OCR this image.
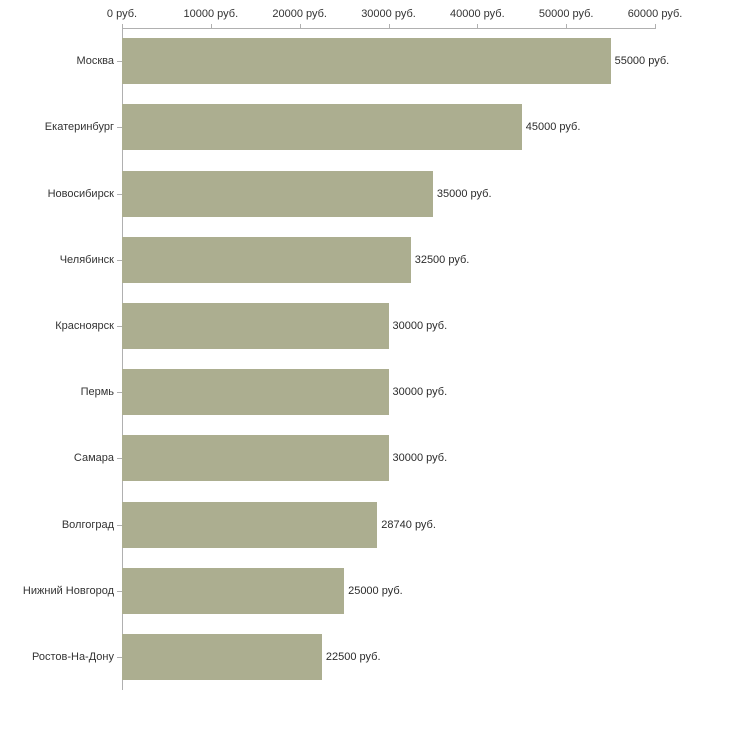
0 руб.	10000 руб.	20000 руб.	30000 руб.	40000 руб.	50000 руб.	60000 руб.
Москва
Екатеринбург
Новосибирск
Челябинск
Красноярск
Пермь
Самара
Волгоград
Нижний Новгород
Ростов-На-Дону
55000 руб.
45000 руб.
35000 руб.
32500 руб.
30000 руб.
30000 руб.
30000 руб.
28740 руб.
25000 руб.
22500 руб.
